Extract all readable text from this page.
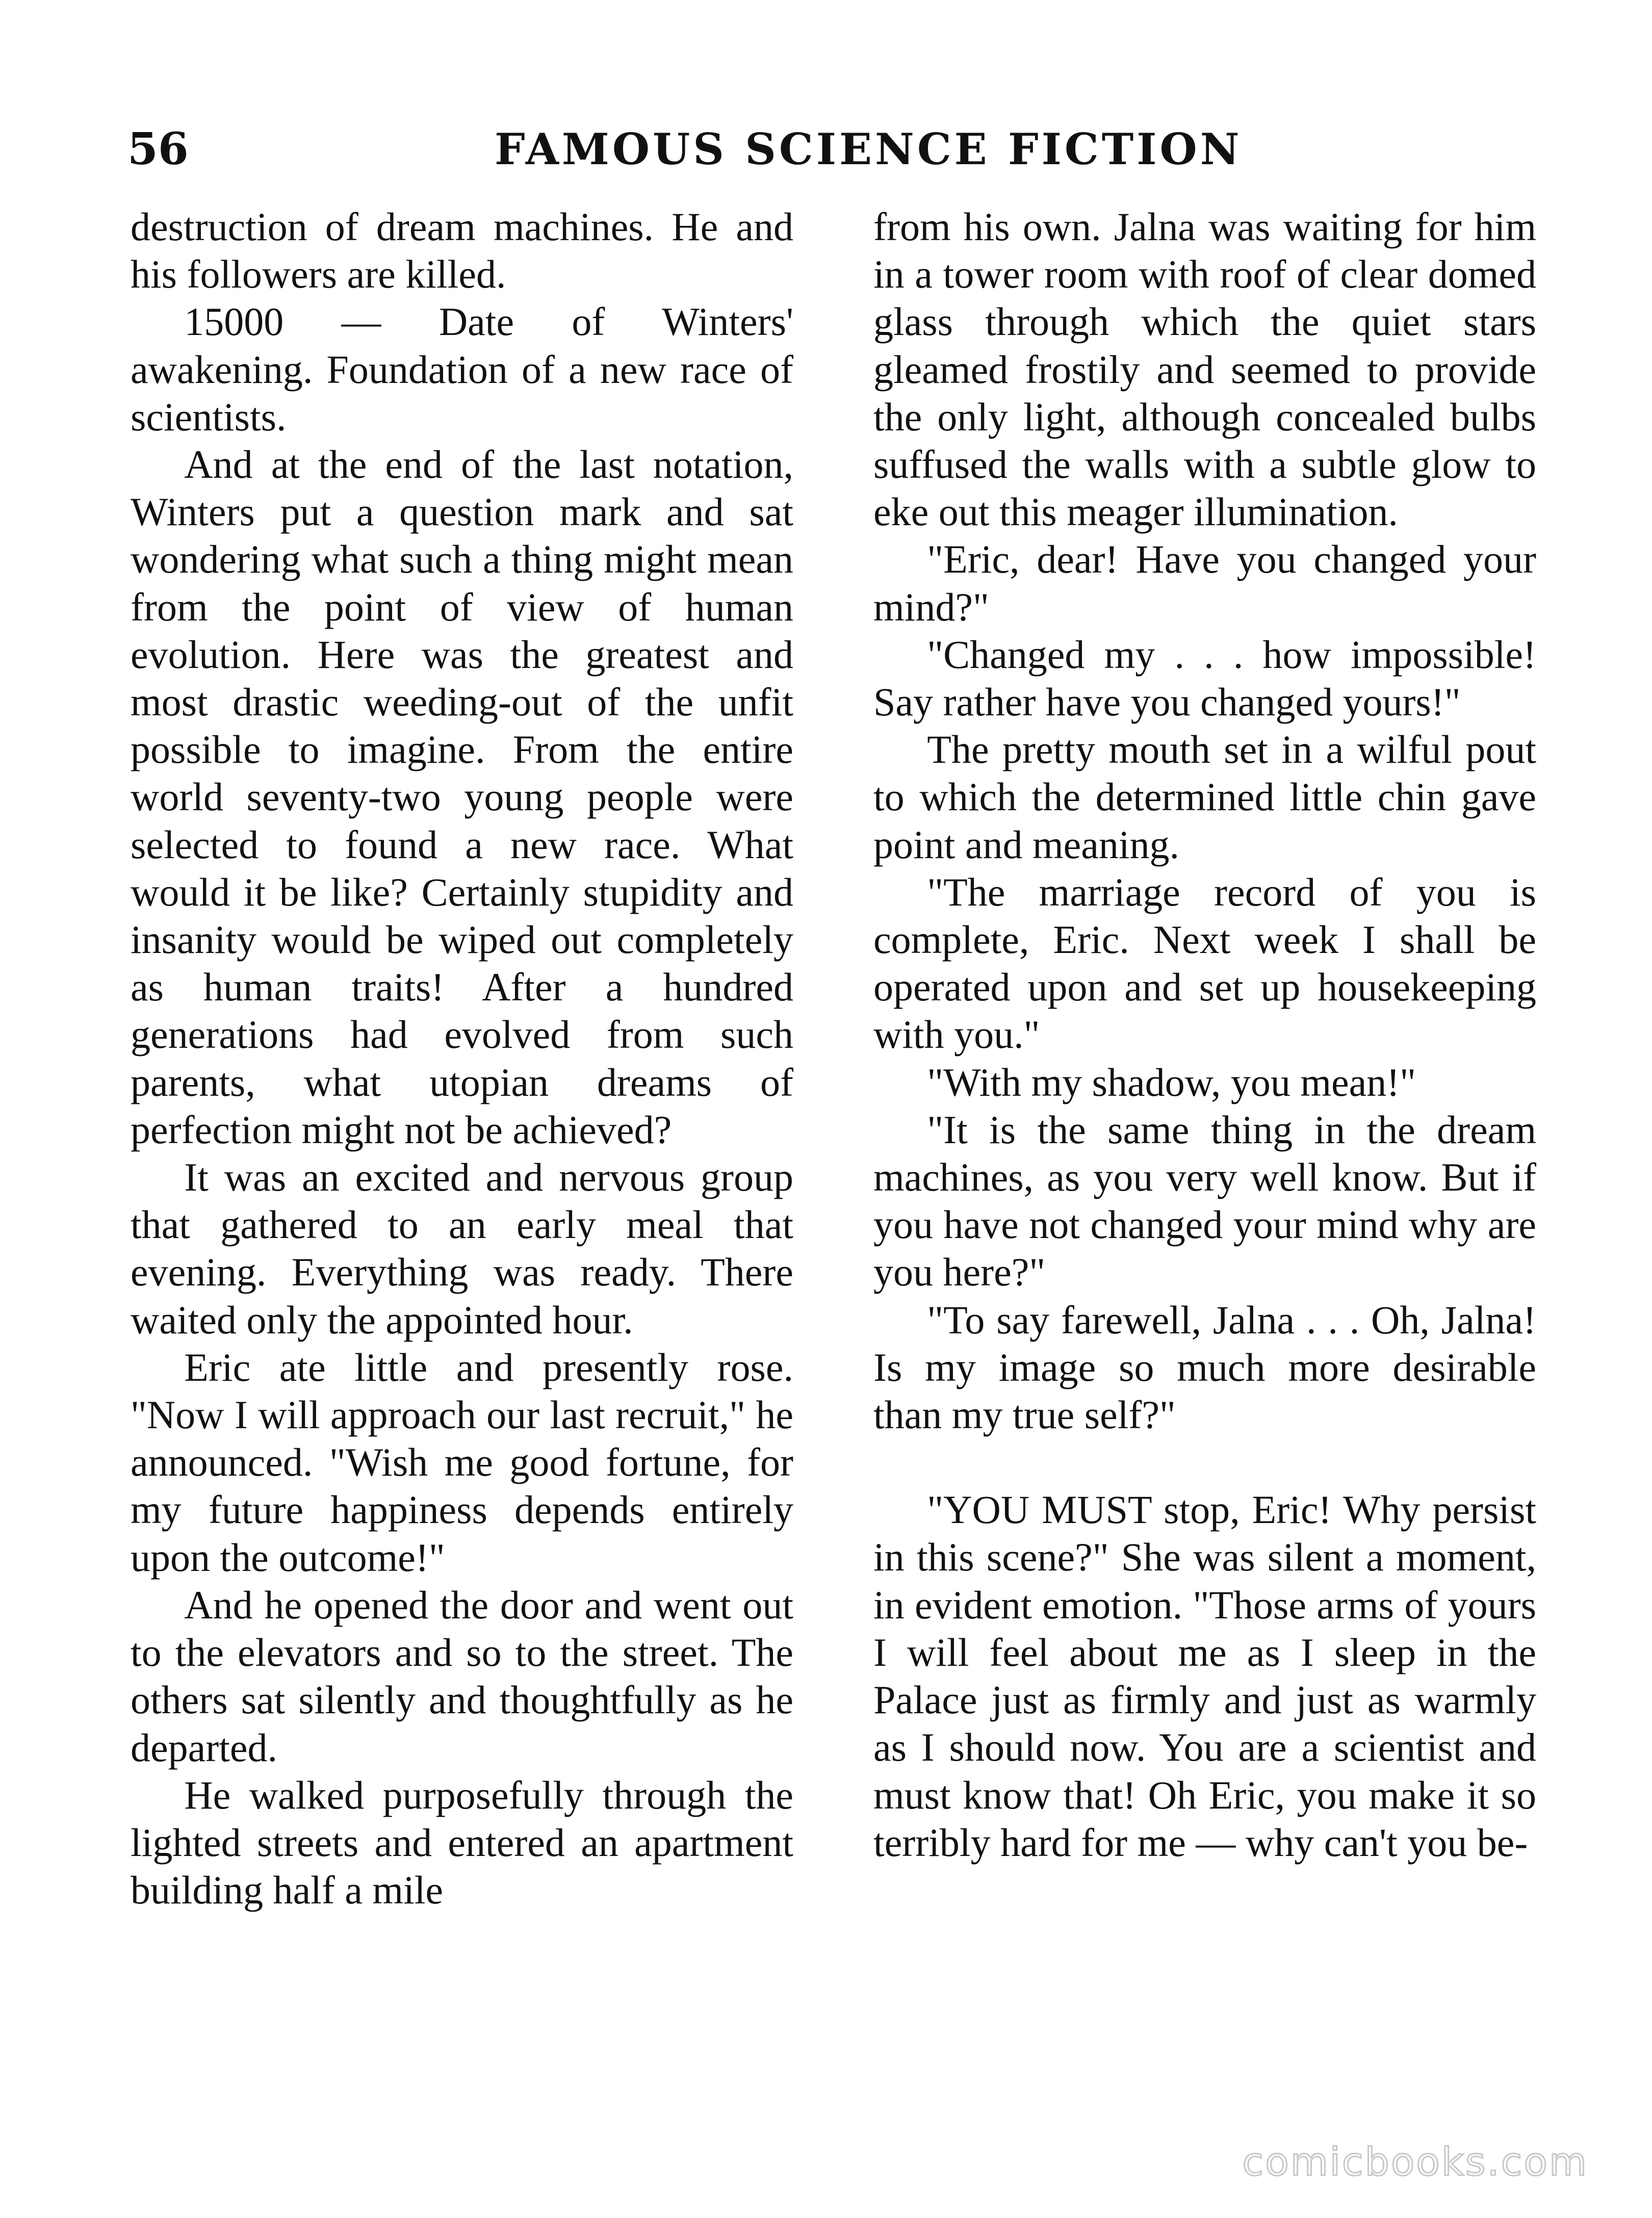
56	FAMOUS SCIENCE FICTION

destruction of dream machines. He and his followers are killed.

15000 — Date of Winters' awakening. Foundation of a new race of scientists.

And at the end of the last notation, Winters put a question mark and sat wondering what such a thing might mean from the point of view of human evolution. Here was the greatest and most drastic weeding-out of the unfit possible to imagine. From the entire world seventy-two young people were selected to found a new race. What would it be like? Certainly stupidity and insanity would be wiped out completely as human traits! After a hundred generations had evolved from such parents, what utopian dreams of perfection might not be achieved?

It was an excited and nervous group that gathered to an early meal that evening. Everything was ready. There waited only the appointed hour.

Eric ate little and presently rose. "Now I will approach our last recruit," he announced. "Wish me good fortune, for my future happiness depends entirely upon the outcome!"

And he opened the door and went out to the elevators and so to the street. The others sat silently and thoughtfully as he departed.

He walked purposefully through the lighted streets and entered an apartment building half a mile

from his own. Jalna was waiting for him in a tower room with roof of clear domed glass through which the quiet stars gleamed frostily and seemed to provide the only light, although concealed bulbs suffused the walls with a subtle glow to eke out this meager illumination.

"Eric, dear! Have you changed your mind?"

"Changed my . . . how impossible! Say rather have you changed yours!"

The pretty mouth set in a wilful pout to which the determined little chin gave point and meaning.

"The marriage record of you is complete, Eric. Next week I shall be operated upon and set up housekeeping with you."

"With my shadow, you mean!"

"It is the same thing in the dream machines, as you very well know. But if you have not changed your mind why are you here?"

"To say farewell, Jalna . . . Oh, Jalna! Is my image so much more desirable than my true self?"

"YOU MUST stop, Eric! Why persist in this scene?" She was silent a moment, in evident emotion. "Those arms of yours I will feel about me as I sleep in the Palace just as firmly and just as warmly as I should now. You are a scientist and must know that! Oh Eric, you make it so terribly hard for me — why can't you be-

comicbooks.com
